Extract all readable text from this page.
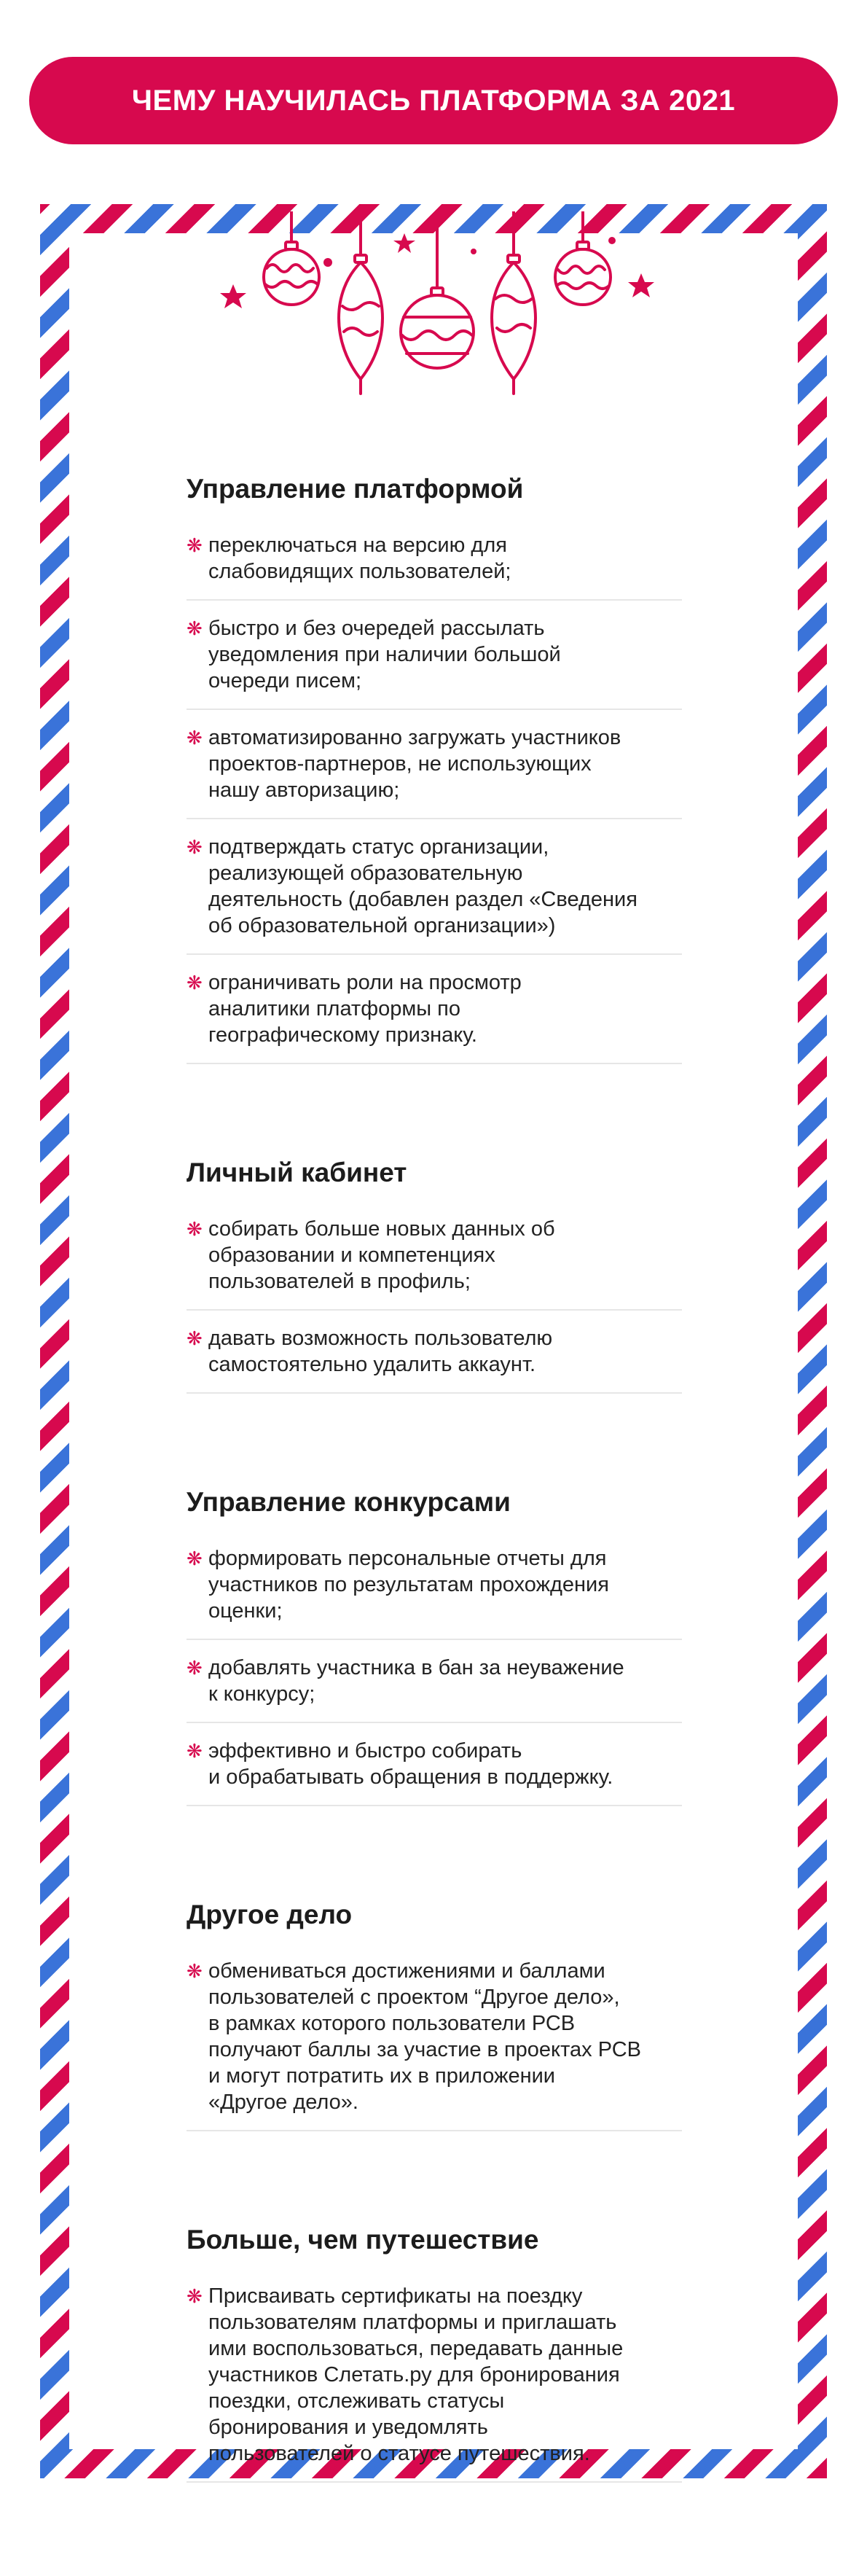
ЧЕМУ НАУЧИЛАСЬ ПЛАТФОРМА ЗА 2021
Управление платформой
❋ переключаться на версию для
слабовидящих пользователей;
❋ быстро и без очередей рассылать
уведомления при наличии большой
очереди писем;
❋ автоматизированно загружать участников
проектов-партнеров, не использующих
нашу авторизацию;
❋ подтверждать статус организации,
реализующей образовательную
деятельность (добавлен раздел «Сведения
об образовательной организации»)
❋ ограничивать роли на просмотр
аналитики платформы по
географическому признаку.
Личный кабинет
❋ собирать больше новых данных об
образовании и компетенциях
пользователей в профиль;
❋ давать возможность пользователю
самостоятельно удалить аккаунт.
Управление конкурсами
❋ формировать персональные отчеты для
участников по результатам прохождения
оценки;
❋ добавлять участника в бан за неуважение
к конкурсу;
❋ эффективно и быстро собирать
и обрабатывать обращения в поддержку.
Другое дело
❋ обмениваться достижениями и баллами
пользователей с проектом “Другое дело»,
в рамках которого пользователи РСВ
получают баллы за участие в проектах РСВ
и могут потратить их в приложении
«Другое дело».
Больше, чем путешествие
❋ Присваивать сертификаты на поездку
пользователям платформы и приглашать
ими воспользоваться, передавать данные
участников Слетать.ру для бронирования
поездки, отслеживать статусы
бронирования и уведомлять
пользователей о статусе путешествия.
